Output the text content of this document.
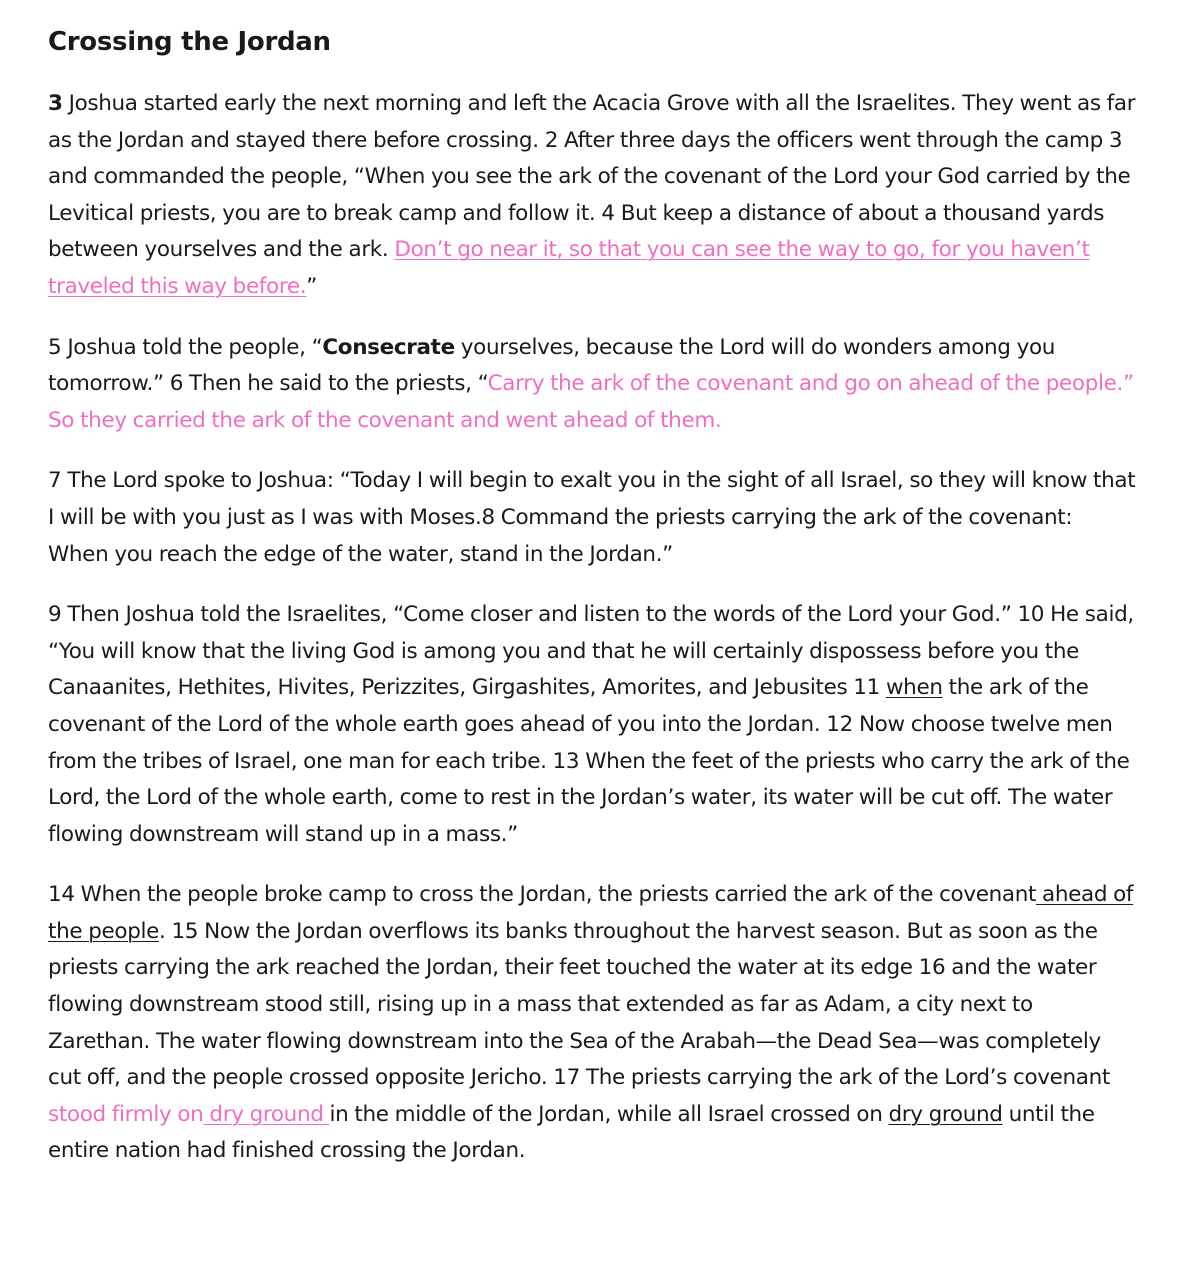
Crossing the Jordan

3 Joshua started early the next morning and left the Acacia Grove with all the Israelites. They went as far as the Jordan and stayed there before crossing. 2 After three days the officers went through the camp 3 and commanded the people, “When you see the ark of the covenant of the Lord your God carried by the Levitical priests, you are to break camp and follow it. 4 But keep a distance of about a thousand yards between yourselves and the ark. Don’t go near it, so that you can see the way to go, for you haven’t traveled this way before.”

5 Joshua told the people, “Consecrate yourselves, because the Lord will do wonders among you tomorrow.” 6 Then he said to the priests, “Carry the ark of the covenant and go on ahead of the people.” So they carried the ark of the covenant and went ahead of them.

7 The Lord spoke to Joshua: “Today I will begin to exalt you in the sight of all Israel, so they will know that I will be with you just as I was with Moses.8 Command the priests carrying the ark of the covenant: When you reach the edge of the water, stand in the Jordan.”

9 Then Joshua told the Israelites, “Come closer and listen to the words of the Lord your God.” 10 He said, “You will know that the living God is among you and that he will certainly dispossess before you the Canaanites, Hethites, Hivites, Perizzites, Girgashites, Amorites, and Jebusites 11 when the ark of the covenant of the Lord of the whole earth goes ahead of you into the Jordan. 12 Now choose twelve men from the tribes of Israel, one man for each tribe. 13 When the feet of the priests who carry the ark of the Lord, the Lord of the whole earth, come to rest in the Jordan’s water, its water will be cut off. The water flowing downstream will stand up in a mass.”

14 When the people broke camp to cross the Jordan, the priests carried the ark of the covenant ahead of the people. 15 Now the Jordan overflows its banks throughout the harvest season. But as soon as the priests carrying the ark reached the Jordan, their feet touched the water at its edge 16 and the water flowing downstream stood still, rising up in a mass that extended as far as Adam, a city next to Zarethan. The water flowing downstream into the Sea of the Arabah—the Dead Sea—was completely cut off, and the people crossed opposite Jericho. 17 The priests carrying the ark of the Lord’s covenant stood firmly on dry ground in the middle of the Jordan, while all Israel crossed on dry ground until the entire nation had finished crossing the Jordan.
